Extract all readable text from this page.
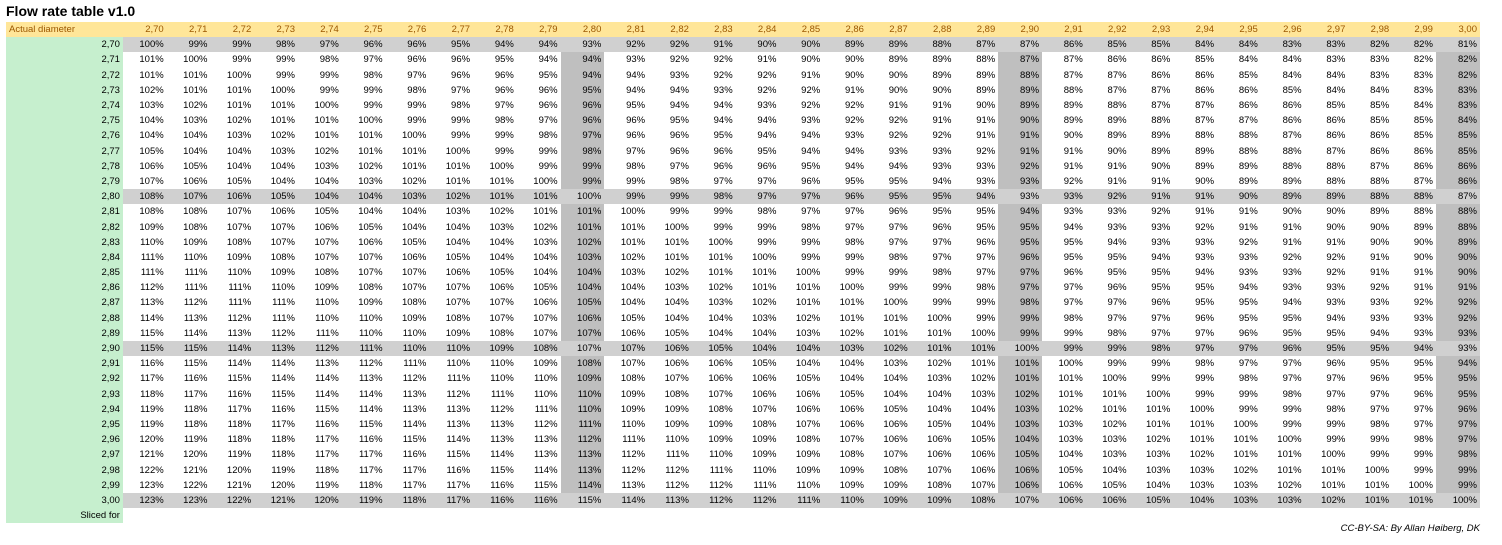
Flow rate table v1.0
Actual diameter	2,70	2,71	2,72	2,73	2,74	2,75	2,76	2,77	2,78	2,79	2,80	2,81	2,82	2,83	2,84	2,85	2,86	2,87	2,88	2,89	2,90	2,91	2,92	2,93	2,94	2,95	2,96	2,97	2,98	2,99	3,00
2,70	100%	99%	99%	98%	97%	96%	96%	95%	94%	94%	93%	92%	92%	91%	90%	90%	89%	89%	88%	87%	87%	86%	85%	85%	84%	84%	83%	83%	82%	82%	81%
2,71	101%	100%	99%	99%	98%	97%	96%	96%	95%	94%	94%	93%	92%	92%	91%	90%	90%	89%	89%	88%	87%	87%	86%	86%	85%	84%	84%	83%	83%	82%	82%
2,72	101%	101%	100%	99%	99%	98%	97%	96%	96%	95%	94%	94%	93%	92%	92%	91%	90%	90%	89%	89%	88%	87%	87%	86%	86%	85%	84%	84%	83%	83%	82%
2,73	102%	101%	101%	100%	99%	99%	98%	97%	96%	96%	95%	94%	94%	93%	92%	92%	91%	90%	90%	89%	89%	88%	87%	87%	86%	86%	85%	84%	84%	83%	83%
2,74	103%	102%	101%	101%	100%	99%	99%	98%	97%	96%	96%	95%	94%	94%	93%	92%	92%	91%	91%	90%	89%	89%	88%	87%	87%	86%	86%	85%	85%	84%	83%
2,75	104%	103%	102%	101%	101%	100%	99%	99%	98%	97%	96%	96%	95%	94%	94%	93%	92%	92%	91%	91%	90%	89%	89%	88%	87%	87%	86%	86%	85%	85%	84%
2,76	104%	104%	103%	102%	101%	101%	100%	99%	99%	98%	97%	96%	96%	95%	94%	94%	93%	92%	92%	91%	91%	90%	89%	89%	88%	88%	87%	86%	86%	85%	85%
2,77	105%	104%	104%	103%	102%	101%	101%	100%	99%	99%	98%	97%	96%	96%	95%	94%	94%	93%	93%	92%	91%	91%	90%	89%	89%	88%	88%	87%	86%	86%	85%
2,78	106%	105%	104%	104%	103%	102%	101%	101%	100%	99%	99%	98%	97%	96%	96%	95%	94%	94%	93%	93%	92%	91%	91%	90%	89%	89%	88%	88%	87%	86%	86%
2,79	107%	106%	105%	104%	104%	103%	102%	101%	101%	100%	99%	99%	98%	97%	97%	96%	95%	95%	94%	93%	93%	92%	91%	91%	90%	89%	89%	88%	88%	87%	86%
2,80	108%	107%	106%	105%	104%	104%	103%	102%	101%	101%	100%	99%	99%	98%	97%	97%	96%	95%	95%	94%	93%	93%	92%	91%	91%	90%	89%	89%	88%	88%	87%
2,81	108%	108%	107%	106%	105%	104%	104%	103%	102%	101%	101%	100%	99%	99%	98%	97%	97%	96%	95%	95%	94%	93%	93%	92%	91%	91%	90%	90%	89%	88%	88%
2,82	109%	108%	107%	107%	106%	105%	104%	104%	103%	102%	101%	101%	100%	99%	99%	98%	97%	97%	96%	95%	95%	94%	93%	93%	92%	91%	91%	90%	90%	89%	88%
2,83	110%	109%	108%	107%	107%	106%	105%	104%	104%	103%	102%	101%	101%	100%	99%	99%	98%	97%	97%	96%	95%	95%	94%	93%	93%	92%	91%	91%	90%	90%	89%
2,84	111%	110%	109%	108%	107%	107%	106%	105%	104%	104%	103%	102%	101%	101%	100%	99%	99%	98%	97%	97%	96%	95%	95%	94%	93%	93%	92%	92%	91%	90%	90%
2,85	111%	111%	110%	109%	108%	107%	107%	106%	105%	104%	104%	103%	102%	101%	101%	100%	99%	99%	98%	97%	97%	96%	95%	95%	94%	93%	93%	92%	91%	91%	90%
2,86	112%	111%	111%	110%	109%	108%	107%	107%	106%	105%	104%	104%	103%	102%	101%	101%	100%	99%	99%	98%	97%	97%	96%	95%	95%	94%	93%	93%	92%	91%	91%
2,87	113%	112%	111%	111%	110%	109%	108%	107%	107%	106%	105%	104%	104%	103%	102%	101%	101%	100%	99%	99%	98%	97%	97%	96%	95%	95%	94%	93%	93%	92%	92%
2,88	114%	113%	112%	111%	110%	110%	109%	108%	107%	107%	106%	105%	104%	104%	103%	102%	101%	101%	100%	99%	99%	98%	97%	97%	96%	95%	95%	94%	93%	93%	92%
2,89	115%	114%	113%	112%	111%	110%	110%	109%	108%	107%	107%	106%	105%	104%	104%	103%	102%	101%	101%	100%	99%	99%	98%	97%	97%	96%	95%	95%	94%	93%	93%
2,90	115%	115%	114%	113%	112%	111%	110%	110%	109%	108%	107%	107%	106%	105%	104%	104%	103%	102%	101%	101%	100%	99%	99%	98%	97%	97%	96%	95%	95%	94%	93%
2,91	116%	115%	114%	114%	113%	112%	111%	110%	110%	109%	108%	107%	106%	106%	105%	104%	104%	103%	102%	101%	101%	100%	99%	99%	98%	97%	97%	96%	95%	95%	94%
2,92	117%	116%	115%	114%	114%	113%	112%	111%	110%	110%	109%	108%	107%	106%	106%	105%	104%	104%	103%	102%	101%	101%	100%	99%	99%	98%	97%	97%	96%	95%	95%
2,93	118%	117%	116%	115%	114%	114%	113%	112%	111%	110%	110%	109%	108%	107%	106%	106%	105%	104%	104%	103%	102%	101%	101%	100%	99%	99%	98%	97%	97%	96%	95%
2,94	119%	118%	117%	116%	115%	114%	113%	113%	112%	111%	110%	109%	109%	108%	107%	106%	106%	105%	104%	104%	103%	102%	101%	101%	100%	99%	99%	98%	97%	97%	96%
2,95	119%	118%	118%	117%	116%	115%	114%	113%	113%	112%	111%	110%	109%	109%	108%	107%	106%	106%	105%	104%	103%	103%	102%	101%	101%	100%	99%	99%	98%	97%	97%
2,96	120%	119%	118%	118%	117%	116%	115%	114%	113%	113%	112%	111%	110%	109%	109%	108%	107%	106%	106%	105%	104%	103%	103%	102%	101%	101%	100%	99%	99%	98%	97%
2,97	121%	120%	119%	118%	117%	117%	116%	115%	114%	113%	113%	112%	111%	110%	109%	109%	108%	107%	106%	106%	105%	104%	103%	103%	102%	101%	101%	100%	99%	99%	98%
2,98	122%	121%	120%	119%	118%	117%	117%	116%	115%	114%	113%	112%	112%	111%	110%	109%	109%	108%	107%	106%	106%	105%	104%	103%	103%	102%	101%	101%	100%	99%	99%
2,99	123%	122%	121%	120%	119%	118%	117%	117%	116%	115%	114%	113%	112%	112%	111%	110%	109%	109%	108%	107%	106%	106%	105%	104%	103%	103%	102%	101%	101%	100%	99%
3,00	123%	123%	122%	121%	120%	119%	118%	117%	116%	116%	115%	114%	113%	112%	112%	111%	110%	109%	109%	108%	107%	106%	106%	105%	104%	103%	103%	102%	101%	101%	100%
Sliced for																															
CC-BY-SA: By Allan Høiberg, DK
